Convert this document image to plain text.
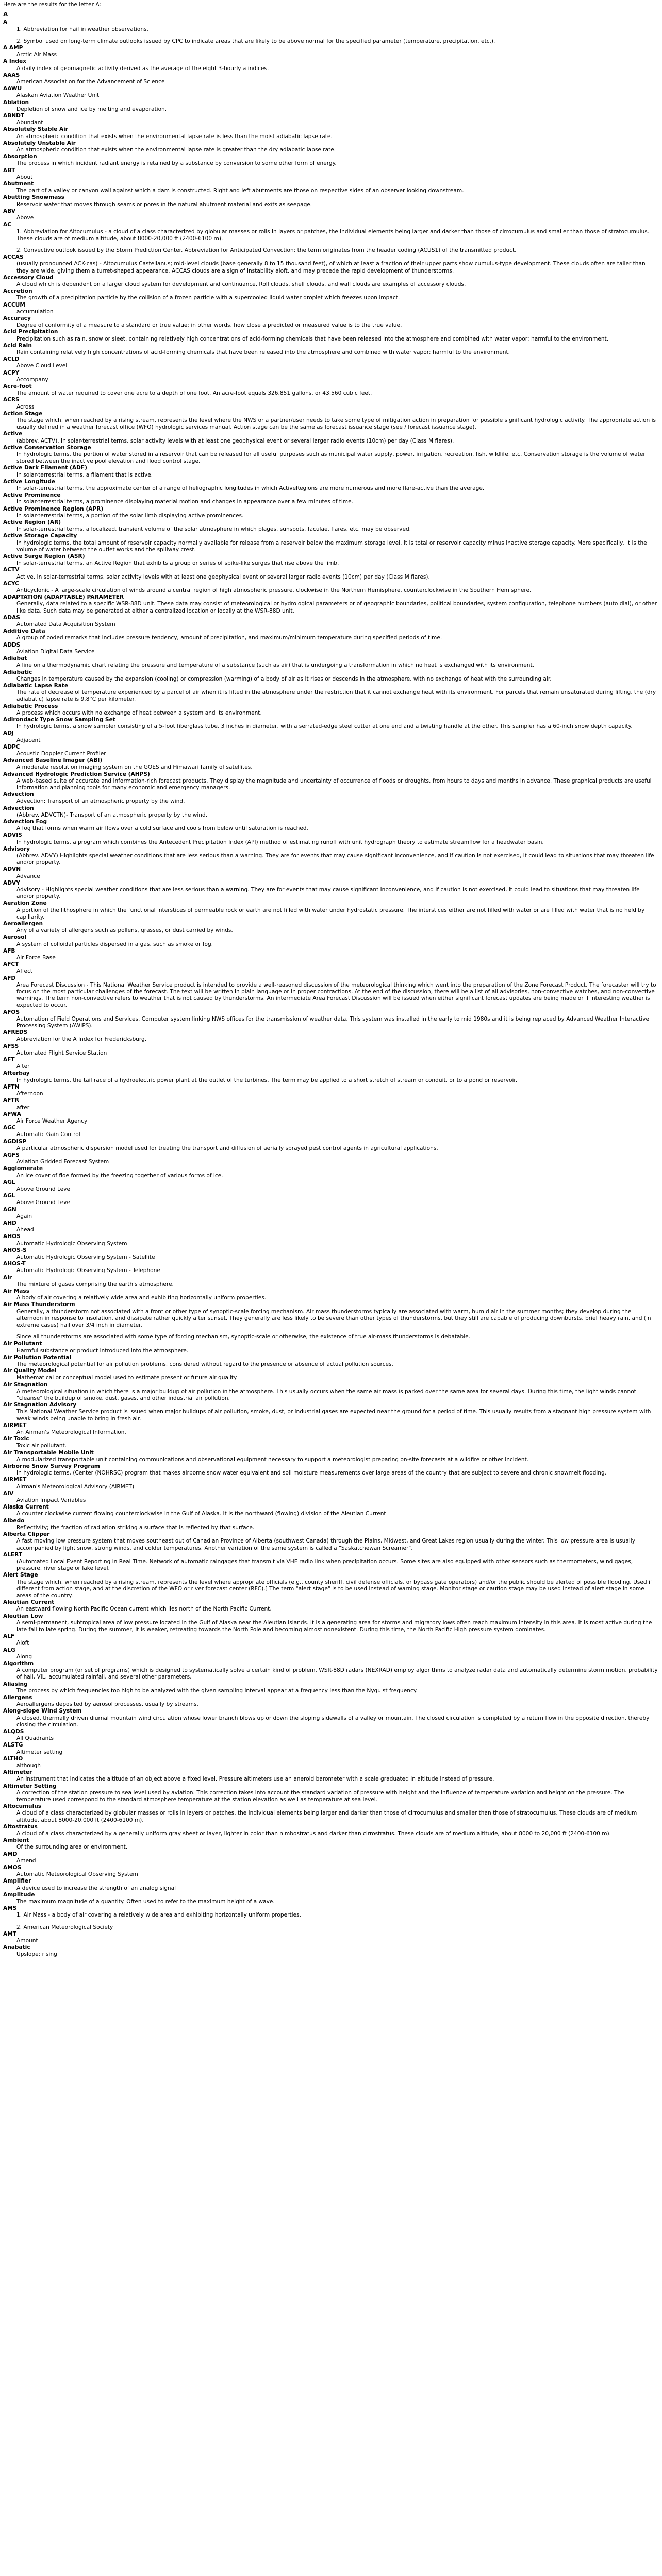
Here are the results for the letter A:
A
A

1. Abbreviation for hail in weather observations.

2. Symbol used on long-term climate outlooks issued by CPC to indicate areas that are likely to be above normal for the specified parameter (temperature, precipitation, etc.).

A AMP

Arctic Air Mass

A Index

A daily index of geomagnetic activity derived as the average of the eight 3-hourly a indices.

AAAS

American Association for the Advancement of Science

AAWU

Alaskan Aviation Weather Unit

Ablation

Depletion of snow and ice by melting and evaporation.

ABNDT

Abundant

Absolutely Stable Air

An atmospheric condition that exists when the environmental lapse rate is less than the moist adiabatic lapse rate.

Absolutely Unstable Air

An atmospheric condition that exists when the environmental lapse rate is greater than the dry adiabatic lapse rate.

Absorption

The process in which incident radiant energy is retained by a substance by conversion to some other form of energy.

ABT

About

Abutment

The part of a valley or canyon wall against which a dam is constructed. Right and left abutments are those on respective sides of an observer looking downstream.

Abutting Snowmass

Reservoir water that moves through seams or pores in the natural abutment material and exits as seepage.

ABV

Above

AC

1. Abbreviation for Altocumulus - a cloud of a class characterized by globular masses or rolls in layers or patches, the individual elements being larger and darker than those of cirrocumulus and smaller than those of stratocumulus. These clouds are of medium altitude, about 8000-20,000 ft (2400-6100 m).

2. Convective outlook issued by the Storm Prediction Center. Abbreviation for Anticipated Convection; the term originates from the header coding (ACUS1) of the transmitted product.

ACCAS

(usually pronounced ACK-cas) - Altocumulus Castellanus; mid-level clouds (base generally 8 to 15 thousand feet), of which at least a fraction of their upper parts show cumulus-type development. These clouds often are taller than they are wide, giving them a turret-shaped appearance. ACCAS clouds are a sign of instability aloft, and may precede the rapid development of thunderstorms.

Accessory Cloud

A cloud which is dependent on a larger cloud system for development and continuance. Roll clouds, shelf clouds, and wall clouds are examples of accessory clouds.

Accretion

The growth of a precipitation particle by the collision of a frozen particle with a supercooled liquid water droplet which freezes upon impact.

ACCUM

accumulation

Accuracy

Degree of conformity of a measure to a standard or true value; in other words, how close a predicted or measured value is to the true value.

Acid Precipitation

Precipitation such as rain, snow or sleet, containing relatively high concentrations of acid-forming chemicals that have been released into the atmosphere and combined with water vapor; harmful to the environment.

Acid Rain

Rain containing relatively high concentrations of acid-forming chemicals that have been released into the atmosphere and combined with water vapor; harmful to the environment.

ACLD

Above Cloud Level

ACPY

Accompany

Acre-foot

The amount of water required to cover one acre to a depth of one foot. An acre-foot equals 326,851 gallons, or 43,560 cubic feet.

ACRS

Across

Action Stage

The stage which, when reached by a rising stream, represents the level where the NWS or a partner/user needs to take some type of mitigation action in preparation for possible significant hydrologic activity. The appropriate action is usually defined in a weather forecast office (WFO) hydrologic services manual. Action stage can be the same as forecast issuance stage (see / forecast issuance stage).

Active

(abbrev. ACTV). In solar-terrestrial terms, solar activity levels with at least one geophysical event or several larger radio events (10cm) per day (Class M flares).

Active Conservation Storage

In hydrologic terms, the portion of water stored in a reservoir that can be released for all useful purposes such as municipal water supply, power, irrigation, recreation, fish, wildlife, etc. Conservation storage is the volume of water stored between the inactive pool elevation and flood control stage.

Active Dark Filament (ADF)

In solar-terrestrial terms, a filament that is active.

Active Longitude

In solar-terrestrial terms, the approximate center of a range of heliographic longitudes in which ActiveRegions are more numerous and more flare-active than the average.

Active Prominence

In solar-terrestrial terms, a prominence displaying material motion and changes in appearance over a few minutes of time.

Active Prominence Region (APR)

In solar-terrestrial terms, a portion of the solar limb displaying active prominences.

Active Region (AR)

In solar-terrestrial terms, a localized, transient volume of the solar atmosphere in which plages, sunspots, faculae, flares, etc. may be observed.

Active Storage Capacity

In hydrologic terms, the total amount of reservoir capacity normally available for release from a reservoir below the maximum storage level. It is total or reservoir capacity minus inactive storage capacity. More specifically, it is the volume of water between the outlet works and the spillway crest.

Active Surge Region (ASR)

In solar-terrestrial terms, an Active Region that exhibits a group or series of spike-like surges that rise above the limb.

ACTV

Active. In solar-terrestrial terms, solar activity levels with at least one geophysical event or several larger radio events (10cm) per day (Class M flares).

ACYC

Anticyclonic - A large-scale circulation of winds around a central region of high atmospheric pressure, clockwise in the Northern Hemisphere, counterclockwise in the Southern Hemisphere.

ADAPTATION (ADAPTABLE) PARAMETER

Generally, data related to a specific WSR-88D unit. These data may consist of meteorological or hydrological parameters or of geographic boundaries, political boundaries, system configuration, telephone numbers (auto dial), or other like data. Such data may be generated at either a centralized location or locally at the WSR-88D unit.

ADAS

Automated Data Acquisition System

Additive Data

A group of coded remarks that includes pressure tendency, amount of precipitation, and maximum/minimum temperature during specified periods of time.

ADDS

Aviation Digital Data Service

Adiabat

A line on a thermodynamic chart relating the pressure and temperature of a substance (such as air) that is undergoing a transformation in which no heat is exchanged with its environment.

Adiabatic

Changes in temperature caused by the expansion (cooling) or compression (warming) of a body of air as it rises or descends in the atmosphere, with no exchange of heat with the surrounding air.

Adiabatic Lapse Rate

The rate of decrease of temperature experienced by a parcel of air when it is lifted in the atmosphere under the restriction that it cannot exchange heat with its environment. For parcels that remain unsaturated during lifting, the (dry adiabatic) lapse rate is 9.8°C per kilometer.

Adiabatic Process

A process which occurs with no exchange of heat between a system and its environment.

Adirondack Type Snow Sampling Set

In hydrologic terms, a snow sampler consisting of a 5-foot fiberglass tube, 3 inches in diameter, with a serrated-edge steel cutter at one end and a twisting handle at the other. This sampler has a 60-inch snow depth capacity.

ADJ

Adjacent

ADPC

Acoustic Doppler Current Profiler

Advanced Baseline Imager (ABI)

A moderate resolution imaging system on the GOES and Himawari family of satellites.

Advanced Hydrologic Prediction Service (AHPS)

A web-based suite of accurate and information-rich forecast products. They display the magnitude and uncertainty of occurrence of floods or droughts, from hours to days and months in advance. These graphical products are useful information and planning tools for many economic and emergency managers.

Advection

Advection: Transport of an atmospheric property by the wind.

Advection

(Abbrev. ADVCTN)- Transport of an atmospheric property by the wind.

Advection Fog

A fog that forms when warm air flows over a cold surface and cools from below until saturation is reached.

ADVIS

In hydrologic terms, a program which combines the Antecedent Precipitation Index (API) method of estimating runoff with unit hydrograph theory to estimate streamflow for a headwater basin.

Advisory

(Abbrev. ADVY) Highlights special weather conditions that are less serious than a warning. They are for events that may cause significant inconvenience, and if caution is not exercised, it could lead to situations that may threaten life and/or property.

ADVN

Advance

ADVY

Advisory - Highlights special weather conditions that are less serious than a warning. They are for events that may cause significant inconvenience, and if caution is not exercised, it could lead to situations that may threaten life and/or property.

Aeration Zone

A portion of the lithosphere in which the functional interstices of permeable rock or earth are not filled with water under hydrostatic pressure. The interstices either are not filled with water or are filled with water that is no held by capillarity.

Aeroallergen

Any of a variety of allergens such as pollens, grasses, or dust carried by winds.

Aerosol

A system of colloidal particles dispersed in a gas, such as smoke or fog.

AFB

Air Force Base

AFCT

Affect

AFD

Area Forecast Discussion - This National Weather Service product is intended to provide a well-reasoned discussion of the meteorological thinking which went into the preparation of the Zone Forecast Product. The forecaster will try to focus on the most particular challenges of the forecast. The text will be written in plain language or in proper contractions. At the end of the discussion, there will be a list of all advisories, non-convective watches, and non-convective warnings. The term non-convective refers to weather that is not caused by thunderstorms. An intermediate Area Forecast Discussion will be issued when either significant forecast updates are being made or if interesting weather is expected to occur.

AFOS

Automation of Field Operations and Services. Computer system linking NWS offices for the transmission of weather data. This system was installed in the early to mid 1980s and it is being replaced by Advanced Weather Interactive Processing System (AWIPS).

AFREDS

Abbreviation for the A Index for Fredericksburg.

AFSS

Automated Flight Service Station

AFT

After

Afterbay

In hydrologic terms, the tail race of a hydroelectric power plant at the outlet of the turbines. The term may be applied to a short stretch of stream or conduit, or to a pond or reservoir.

AFTN

Afternoon

AFTR

after

AFWA

Air Force Weather Agency

AGC

Automatic Gain Control

AGDISP

A particular atmospheric dispersion model used for treating the transport and diffusion of aerially sprayed pest control agents in agricultural applications.

AGFS

Aviation Gridded Forecast System

Agglomerate

An ice cover of floe formed by the freezing together of various forms of ice.

AGL

Above Ground Level

AGL

Above Ground Level

AGN

Again

AHD

Ahead

AHOS

Automatic Hydrologic Observing System

AHOS-S

Automatic Hydrologic Observing System - Satellite

AHOS-T

Automatic Hydrologic Observing System - Telephone

Air

The mixture of gases comprising the earth's atmosphere.

Air Mass

A body of air covering a relatively wide area and exhibiting horizontally uniform properties.

Air Mass Thunderstorm

Generally, a thunderstorm not associated with a front or other type of synoptic-scale forcing mechanism. Air mass thunderstorms typically are associated with warm, humid air in the summer months; they develop during the afternoon in response to insolation, and dissipate rather quickly after sunset. They generally are less likely to be severe than other types of thunderstorms, but they still are capable of producing downbursts, brief heavy rain, and (in extreme cases) hail over 3/4 inch in diameter.

Since all thunderstorms are associated with some type of forcing mechanism, synoptic-scale or otherwise, the existence of true air-mass thunderstorms is debatable.

Air Pollutant

Harmful substance or product introduced into the atmosphere.

Air Pollution Potential

The meteorological potential for air pollution problems, considered without regard to the presence or absence of actual pollution sources.

Air Quality Model

Mathematical or conceptual model used to estimate present or future air quality.

Air Stagnation

A meteorological situation in which there is a major buildup of air pollution in the atmosphere. This usually occurs when the same air mass is parked over the same area for several days. During this time, the light winds cannot "cleanse" the buildup of smoke, dust, gases, and other industrial air pollution.

Air Stagnation Advisory

This National Weather Service product is issued when major buildups of air pollution, smoke, dust, or industrial gases are expected near the ground for a period of time. This usually results from a stagnant high pressure system with weak winds being unable to bring in fresh air.

AIRMET

An Airman's Meteorological Information.

Air Toxic

Toxic air pollutant.

Air Transportable Mobile Unit

A modularized transportable unit containing communications and observational equipment necessary to support a meteorologist preparing on-site forecasts at a wildfire or other incident.

Airborne Snow Survey Program

In hydrologic terms, (Center (NOHRSC) program that makes airborne snow water equivalent and soil moisture measurements over large areas of the country that are subject to severe and chronic snowmelt flooding.

AIRMET

Airman's Meteorological Advisory (AIRMET)

AIV

Aviation Impact Variables

Alaska Current

A counter clockwise current flowing counterclockwise in the Gulf of Alaska. It is the northward (flowing) division of the Aleutian Current

Albedo

Reflectivity; the fraction of radiation striking a surface that is reflected by that surface.

Alberta Clipper

A fast moving low pressure system that moves southeast out of Canadian Province of Alberta (southwest Canada) through the Plains, Midwest, and Great Lakes region usually during the winter. This low pressure area is usually accompanied by light snow, strong winds, and colder temperatures. Another variation of the same system is called a "Saskatchewan Screamer".

ALERT

(Automated Local Event Reporting in Real Time. Network of automatic raingages that transmit via VHF radio link when precipitation occurs. Some sites are also equipped with other sensors such as thermometers, wind gages, pressure, river stage or lake level.

Alert Stage

The stage which, when reached by a rising stream, represents the level where appropriate officials (e.g., county sheriff, civil defense officials, or bypass gate operators) and/or the public should be alerted of possible flooding. Used if different from action stage, and at the discretion of the WFO or river forecast center (RFC).] The term "alert stage" is to be used instead of warning stage. Monitor stage or caution stage may be used instead of alert stage in some areas of the country.

Aleutian Current

An eastward flowing North Pacific Ocean current which lies north of the North Pacific Current.

Aleutian Low

A semi-permanent, subtropical area of low pressure located in the Gulf of Alaska near the Aleutian Islands. It is a generating area for storms and migratory lows often reach maximum intensity in this area. It is most active during the late fall to late spring. During the summer, it is weaker, retreating towards the North Pole and becoming almost nonexistent. During this time, the North Pacific High pressure system dominates.

ALF

Aloft

ALG

Along

Algorithm

A computer program (or set of programs) which is designed to systematically solve a certain kind of problem. WSR-88D radars (NEXRAD) employ algorithms to analyze radar data and automatically determine storm motion, probability of hail, VIL, accumulated rainfall, and several other parameters.

Aliasing

The process by which frequencies too high to be analyzed with the given sampling interval appear at a frequency less than the Nyquist frequency.

Allergens

Aeroallergens deposited by aerosol processes, usually by streams.

Along-slope Wind System

A closed, thermally driven diurnal mountain wind circulation whose lower branch blows up or down the sloping sidewalls of a valley or mountain. The closed circulation is completed by a return flow in the opposite direction, thereby closing the circulation.

ALQDS

All Quadrants

ALSTG

Altimeter setting

ALTHO

although

Altimeter

An instrument that indicates the altitude of an object above a fixed level. Pressure altimeters use an aneroid barometer with a scale graduated in altitude instead of pressure.

Altimeter Setting

A correction of the station pressure to sea level used by aviation. This correction takes into account the standard variation of pressure with height and the influence of temperature variation and height on the pressure. The temperature used correspond to the standard atmosphere temperature at the station elevation as well as temperature at sea level.

Altocumulus

A cloud of a class characterized by globular masses or rolls in layers or patches, the individual elements being larger and darker than those of cirrocumulus and smaller than those of stratocumulus. These clouds are of medium altitude, about 8000-20,000 ft (2400-6100 m).

Altostratus

A cloud of a class characterized by a generally uniform gray sheet or layer, lighter in color than nimbostratus and darker than cirrostratus. These clouds are of medium altitude, about 8000 to 20,000 ft (2400-6100 m).

Ambient

Of the surrounding area or environment.

AMD

Amend

AMOS

Automatic Meteorological Observing System

Amplifier

A device used to increase the strength of an analog signal

Amplitude

The maximum magnitude of a quantity. Often used to refer to the maximum height of a wave.

AMS

1. Air Mass - a body of air covering a relatively wide area and exhibiting horizontally uniform properties.

2. American Meteorological Society

AMT

Amount

Anabatic

Upslope; rising
